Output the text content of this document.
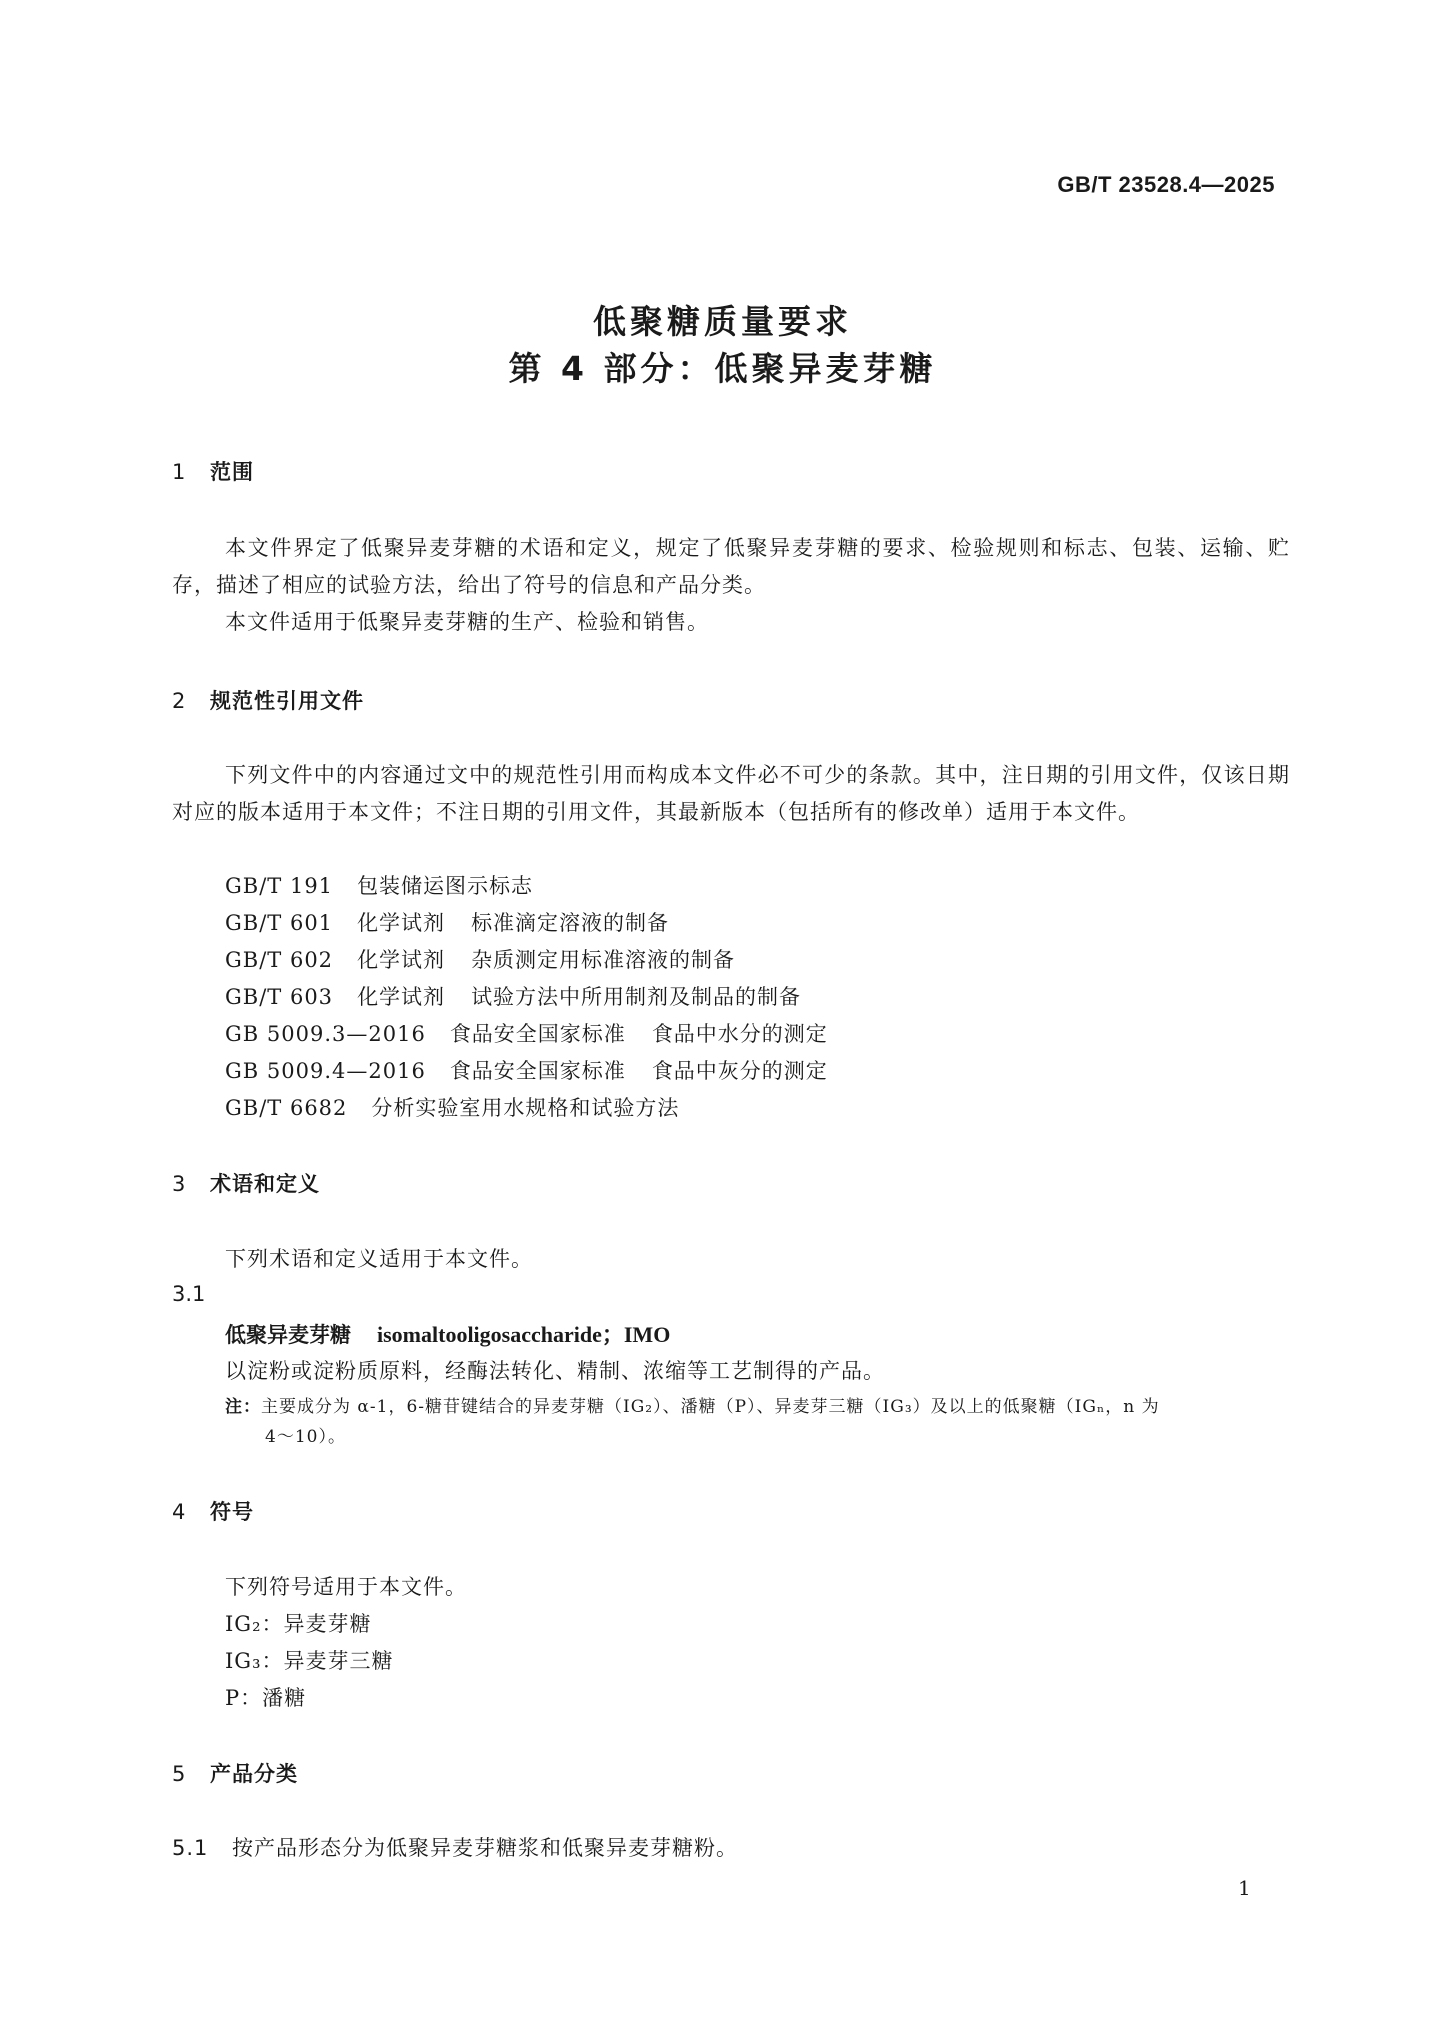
GB/T 23528.4—2025
低聚糖质量要求
第 4 部分：低聚异麦芽糖
1 范围
本文件界定了低聚异麦芽糖的术语和定义，规定了低聚异麦芽糖的要求、检验规则和标志、包装、运输、贮存，描述了相应的试验方法，给出了符号的信息和产品分类。
本文件适用于低聚异麦芽糖的生产、检验和销售。
2 规范性引用文件
下列文件中的内容通过文中的规范性引用而构成本文件必不可少的条款。其中，注日期的引用文件，仅该日期对应的版本适用于本文件；不注日期的引用文件，其最新版本（包括所有的修改单）适用于本文件。
GB/T 191 包装储运图示标志
GB/T 601 化学试剂 标准滴定溶液的制备
GB/T 602 化学试剂 杂质测定用标准溶液的制备
GB/T 603 化学试剂 试验方法中所用制剂及制品的制备
GB 5009.3—2016 食品安全国家标准 食品中水分的测定
GB 5009.4—2016 食品安全国家标准 食品中灰分的测定
GB/T 6682 分析实验室用水规格和试验方法
3 术语和定义
下列术语和定义适用于本文件。
3.1
低聚异麦芽糖 isomaltooligosaccharide；IMO
以淀粉或淀粉质原料，经酶法转化、精制、浓缩等工艺制得的产品。
注：主要成分为 α-1，6-糖苷键结合的异麦芽糖（IG₂）、潘糖（P）、异麦芽三糖（IG₃）及以上的低聚糖（IGₙ，n 为
4～10）。
4 符号
下列符号适用于本文件。
IG₂：异麦芽糖
IG₃：异麦芽三糖
P：潘糖
5 产品分类
5.1 按产品形态分为低聚异麦芽糖浆和低聚异麦芽糖粉。
1
